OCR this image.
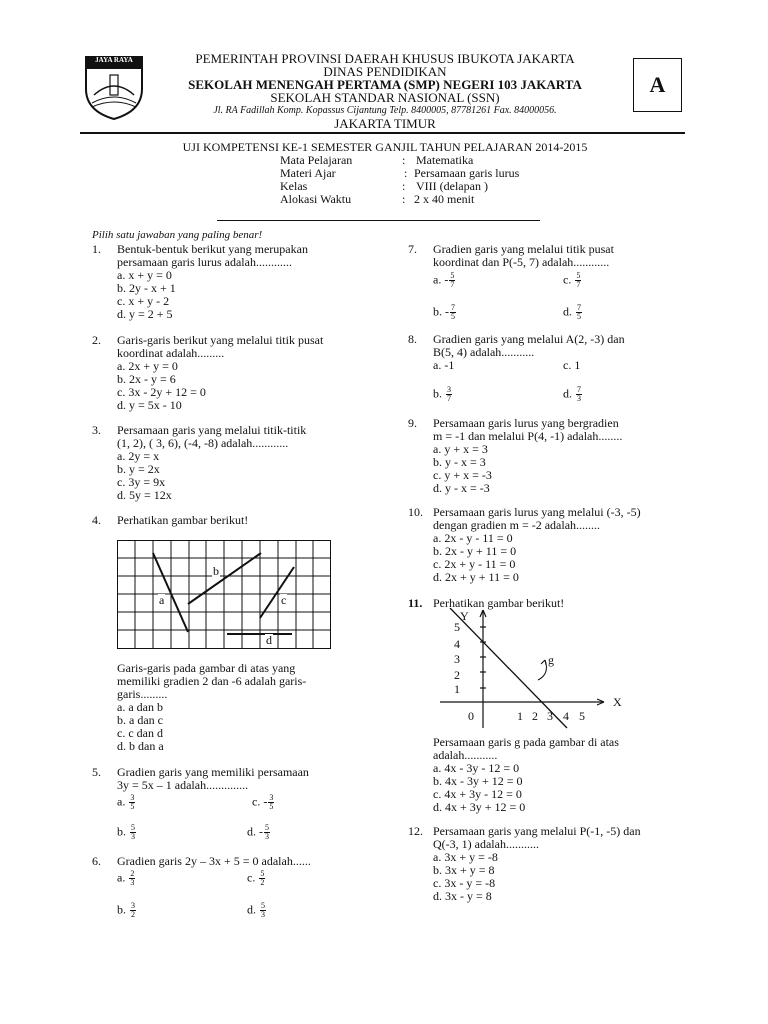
JAYA RAYA	PEMERINTAH PROVINSI DAERAH KHUSUS IBUKOTA JAKARTA
DINAS PENDIDIKAN
SEKOLAH MENENGAH PERTAMA (SMP) NEGERI 103 JAKARTA
SEKOLAH STANDAR NASIONAL (SSN)
Jl. RA Fadillah Komp. Kopassus Cijantung Telp. 8400005, 87781261 Fax. 84000056.
JAKARTA TIMUR
A
UJI KOMPETENSI KE-1 SEMESTER GANJIL TAHUN PELAJARAN 2014-2015
Mata Pelajaran	: Matematika
Materi Ajar	: Persamaan garis lurus
Kelas	: VIII (delapan )
Alokasi Waktu	: 2 x 40 menit
Pilih satu jawaban yang paling benar!
1. Bentuk-bentuk berikut yang merupakan
persamaan garis lurus adalah............
a. x + y = 0
b. 2y - x + 1
c. x + y - 2
d. y = 2 + 5
2. Garis-garis berikut yang melalui titik pusat
koordinat adalah.........
a. 2x + y = 0
b. 2x - y = 6
c. 3x - 2y + 12 = 0
d. y = 5x - 10
3. Persamaan garis yang melalui titik-titik
(1, 2), ( 3, 6), (-4, -8) adalah............
a. 2y = x
b. y = 2x
c. 3y = 9x
d. 5y = 12x
4. Perhatikan gambar berikut!
a
b
c
d
Garis-garis pada gambar di atas yang
memiliki gradien 2 dan -6 adalah garis-
garis.........
a. a dan b
b. a dan c
c. c dan d
d. b dan a
5. Gradien garis yang memiliki persamaan
3y = 5x – 1 adalah..............
a. $\frac{3}{5}$	c. - $\frac{3}{5}$
b. $\frac{5}{3}$	d. - $\frac{5}{3}$
6. Gradien garis 2y – 3x + 5 = 0 adalah......
a. $\frac{2}{3}$	c. $\frac{5}{2}$
b. $\frac{3}{2}$	d. $\frac{5}{3}$
7. Gradien garis yang melalui titik pusat
koordinat dan P(-5, 7) adalah............
a. - $\frac{5}{7}$	c. $\frac{5}{7}$
b. - $\frac{7}{5}$	d. $\frac{7}{5}$
8. Gradien garis yang melalui A(2, -3) dan
B(5, 4) adalah...........
a. -1	c. 1
b. $\frac{3}{7}$	d. $\frac{7}{3}$
9. Persamaan garis lurus yang bergradien
m = -1 dan melalui P(4, -1) adalah........
a. y + x = 3
b. y - x = 3
c. y + x = -3
d. y - x = -3
10. Persamaan garis lurus yang melalui (-3, -5)
dengan gradien m = -2 adalah........
a. 2x - y - 11 = 0
b. 2x - y + 11 = 0
c. 2x + y - 11 = 0
d. 2x + y + 11 = 0
11. Perhatikan gambar berikut!
Y
X
g
5
4
3
2
1
0	1 2 3 4 5
Persamaan garis g pada gambar di atas
adalah...........
a. 4x - 3y - 12 = 0
b. 4x - 3y + 12 = 0
c. 4x + 3y - 12 = 0
d. 4x + 3y + 12 = 0
12. Persamaan garis yang melalui P(-1, -5) dan
Q(-3, 1) adalah...........
a. 3x + y = -8
b. 3x + y = 8
c. 3x - y = -8
d. 3x - y = 8
